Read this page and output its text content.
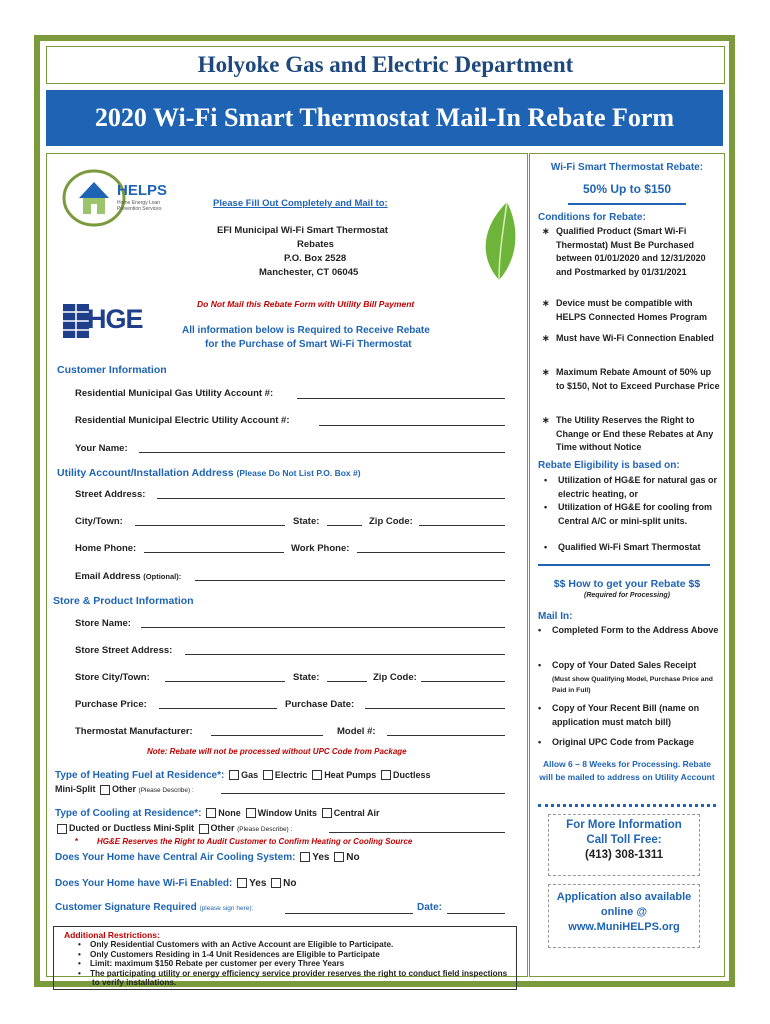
Holyoke Gas and Electric Department
2020 Wi-Fi Smart Thermostat Mail-In Rebate Form
HELPS
Home Energy Loan Prevention Services
HGE
Please Fill Out Completely and Mail to:
EFI Municipal Wi-Fi Smart Thermostat
Rebates
P.O. Box 2528
Manchester, CT 06045
Do Not Mail this Rebate Form with Utility Bill Payment
All information below is Required to Receive Rebate
for the Purchase of Smart Wi-Fi Thermostat
Customer Information
Residential Municipal Gas Utility Account #:
Residential Municipal Electric Utility Account #:
Your Name:
Utility Account/Installation Address (Please Do Not List P.O. Box #)
Street Address:
City/Town:	State:	Zip Code:
Home Phone:	Work Phone:
Email Address (Optional):
Store & Product Information
Store Name:
Store Street Address:
Store City/Town:	State:	Zip Code:
Purchase Price:	Purchase Date:
Thermostat Manufacturer:	Model #:
Note: Rebate will not be processed without UPC Code from Package
Type of Heating Fuel at Residence*: Gas Electric Heat Pumps Ductless
Mini-Split Other (Please Describe) :
Type of Cooling at Residence*: None Window Units Central Air
Ducted or Ductless Mini-Split Other (Please Describe) :
* HG&E Reserves the Right to Audit Customer to Confirm Heating or Cooling Source
Does Your Home have Central Air Cooling System: Yes No
Does Your Home have Wi-Fi Enabled: Yes No
Customer Signature Required (please sign here):	Date:
Additional Restrictions:
•    Only Residential Customers with an Active Account are Eligible to Participate.
•    Only Customers Residing in 1-4 Unit Residences are Eligible to Participate
•    Limit: maximum $150 Rebate per customer per every Three Years
•    The participating utility or energy efficiency service provider reserves the right to conduct field inspections to verify installations.
Wi-Fi Smart Thermostat Rebate:
50% Up to $150
Conditions for Rebate:
∗ Qualified Product (Smart Wi-Fi Thermostat) Must Be Purchased between 01/01/2020 and 12/31/2020 and Postmarked by 01/31/2021
∗ Device must be compatible with HELPS Connected Homes Program
∗ Must have Wi-Fi Connection Enabled
∗ Maximum Rebate Amount of 50% up to $150, Not to Exceed Purchase Price
∗ The Utility Reserves the Right to Change or End these Rebates at Any Time without Notice
Rebate Eligibility is based on:
• Utilization of HG&E for natural gas or electric heating, or
• Utilization of HG&E for cooling from Central A/C or mini-split units.
• Qualified Wi-Fi Smart Thermostat
$$ How to get your Rebate $$
(Required for Processing)
Mail In:
• Completed Form to the Address Above
• Copy of Your Dated Sales Receipt
(Must show Qualifying Model, Purchase Price and Paid in Full)
• Copy of Your Recent Bill (name on application must match bill)
• Original UPC Code from Package
Allow 6 – 8 Weeks for Processing. Rebate will be mailed to address on Utility Account
For More Information
Call Toll Free:
(413) 308-1311
Application also available
online @
www.MuniHELPS.org
